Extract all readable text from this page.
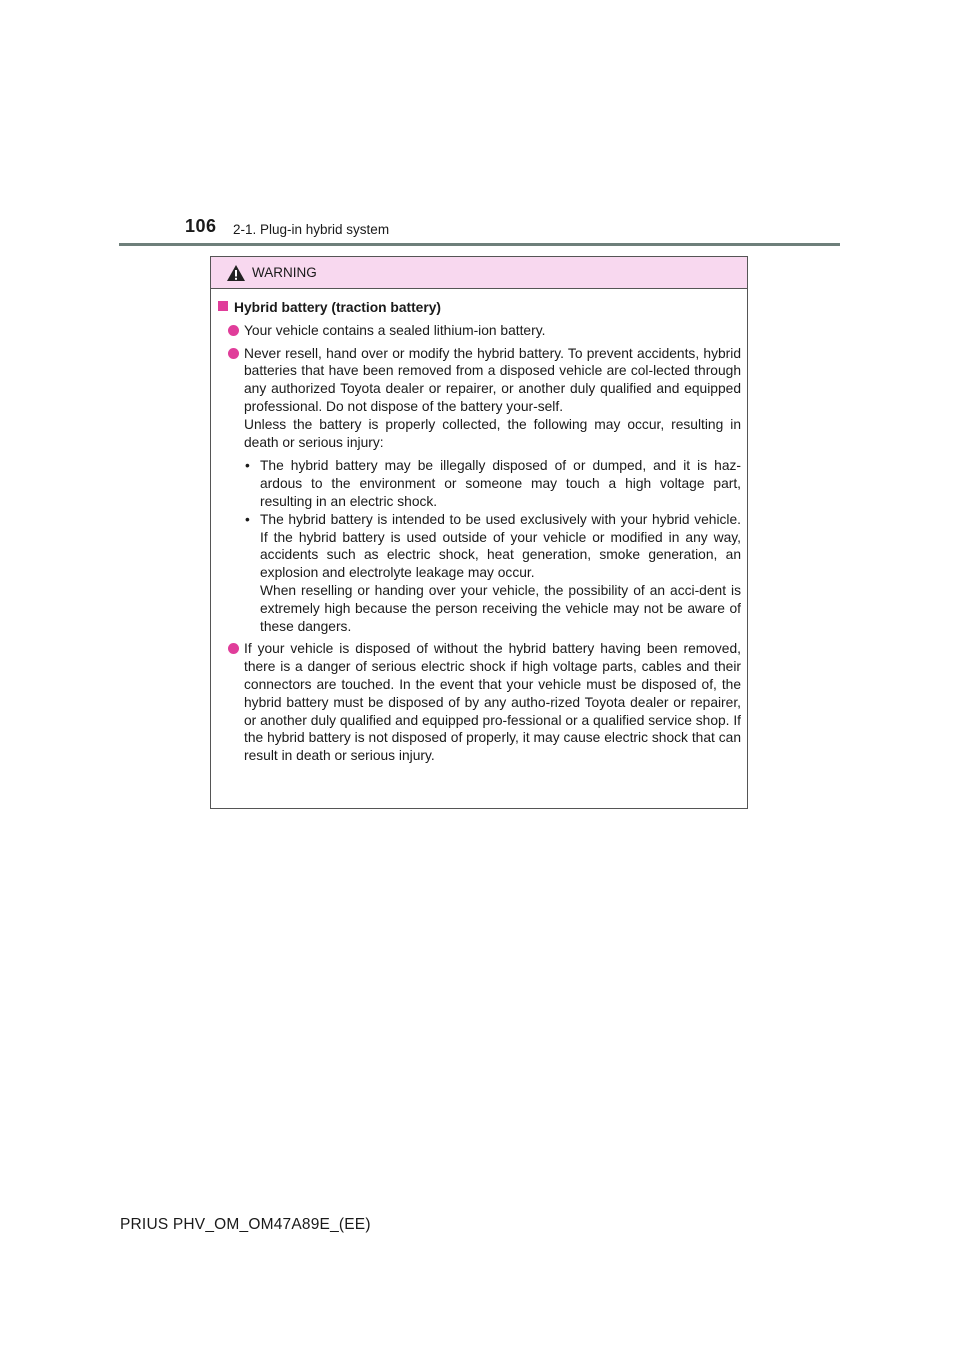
106 2-1. Plug-in hybrid system
WARNING
Hybrid battery (traction battery)
Your vehicle contains a sealed lithium-ion battery.
Never resell, hand over or modify the hybrid battery. To prevent accidents, hybrid batteries that have been removed from a disposed vehicle are col-lected through any authorized Toyota dealer or repairer, or another duly qualified and equipped professional. Do not dispose of the battery your-self.
Unless the battery is properly collected, the following may occur, resulting in death or serious injury:
• The hybrid battery may be illegally disposed of or dumped, and it is haz-ardous to the environment or someone may touch a high voltage part, resulting in an electric shock.
• The hybrid battery is intended to be used exclusively with your hybrid vehicle. If the hybrid battery is used outside of your vehicle or modified in any way, accidents such as electric shock, heat generation, smoke generation, an explosion and electrolyte leakage may occur.
When reselling or handing over your vehicle, the possibility of an acci-dent is extremely high because the person receiving the vehicle may not be aware of these dangers.
If your vehicle is disposed of without the hybrid battery having been removed, there is a danger of serious electric shock if high voltage parts, cables and their connectors are touched. In the event that your vehicle must be disposed of, the hybrid battery must be disposed of by any autho-rized Toyota dealer or repairer, or another duly qualified and equipped pro-fessional or a qualified service shop. If the hybrid battery is not disposed of properly, it may cause electric shock that can result in death or serious injury.
PRIUS PHV_OM_OM47A89E_(EE)
